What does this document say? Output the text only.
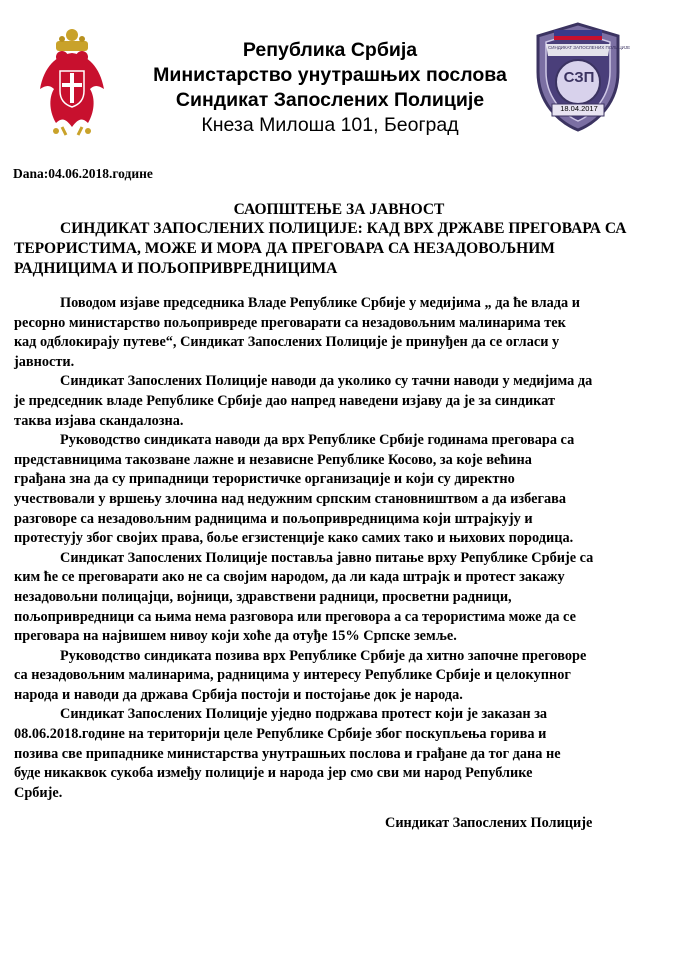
СЗП
18.04.2017
СИНДИКАТ ЗАПОСЛЕНИХ ПОЛИЦИЈЕ
Република Србија
Министарство унутрашњих послова
Синдикат Запослених Полиције
Кнеза Милоша 101, Београд
Dana:04.06.2018.године
САОПШТЕЊЕ ЗА ЈАВНОСТ
СИНДИКАТ ЗАПОСЛЕНИХ ПОЛИЦИЈЕ: КАД ВРХ ДРЖАВЕ ПРЕГОВАРА СА
ТЕРОРИСТИМА, МОЖЕ И МОРА ДА ПРЕГОВАРА СА НЕЗАДОВОЉНИМ
РАДНИЦИМА И ПОЉОПРИВРЕДНИЦИМА
Поводом изјаве председника Владе Републике Србије у медијима „ да ће влада и
ресорно министарство пољопривреде преговарати са незадовољним малинарима тек
кад одблокирају путеве“, Синдикат Запослених Полиције је принуђен да се огласи у
јавности.
Синдикат Запослених Полиције наводи да уколико су тачни наводи у медијима да
је председник владе Републике Србије дао напред наведени изјаву да је за синдикат
таква изјава скандалозна.
Руководство синдиката наводи да врх Републике Србије годинама преговара са
представницима такозване лажне и независне Републике Косово, за које већина
грађана зна да су припадници терористичке организације и који су директно
учествовали у вршењу злочина над недужним српским становништвом а да избегава
разговоре са незадовољним радницима и пољопривредницима који штрајкују и
протестују због својих права, боље егзистенције како самих тако и њихових породица.
Синдикат Запослених Полиције поставља јавно питање врху Републике Србије са
ким ће се преговарати ако не са својим народом, да ли када штрајк и протест закажу
незадовољни полицајци, војници, здравствени радници, просветни радници,
пољопривредници са њима нема разговора или преговора а са терористима може да се
преговара на највишем нивоу који хоће да отуђе 15% Српске земље.
Руководство синдиката позива врх Републике Србије да хитно започне преговоре
са незадовољним малинарима, радницима у интересу Републике Србије и целокупног
народа и наводи да држава Србија постоји и постојање док је народа.
Синдикат Запослених Полиције уједно подржава протест који је заказан за
08.06.2018.године на територији целе Републике Србије због поскупљења горива и
позива све припаднике министарства унутрашњих послова и грађане да тог дана не
буде никаквок сукоба између полиције и народа јер смо сви ми народ Републике
Србије.
Синдикат Запослених Полиције
